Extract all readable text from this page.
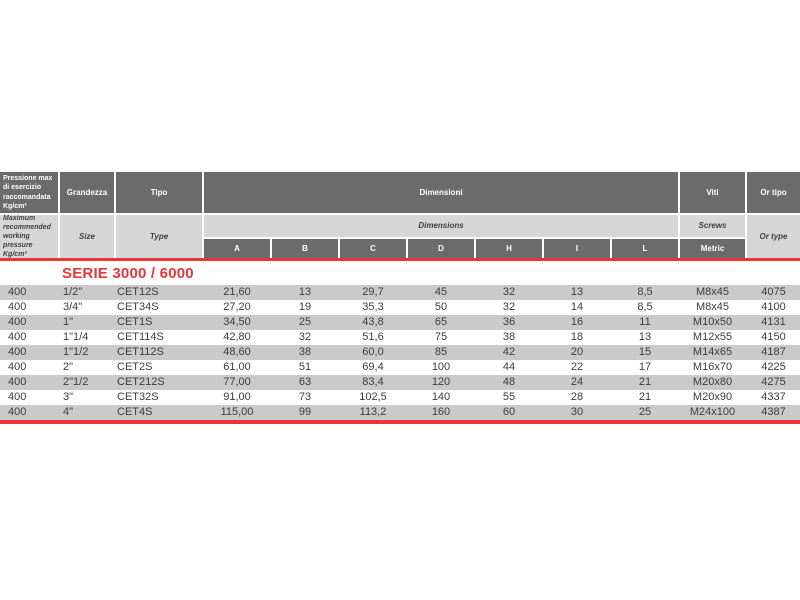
Pressione max di esercizio raccomandata Kg/cm²
Maximum recommended working pressure Kg/cm²
Grandezza
Size
Tipo
Type
Dimensioni
Dimensions
A	B	C	D	H	I	L
Viti
Screws
Metric
Or tipo
Or type
SERIE 3000 / 6000
400	1/2"	CET12S	21,60	13	29,7	45	32	13	8,5	M8x45	4075
400	3/4"	CET34S	27,20	19	35,3	50	32	14	8,5	M8x45	4100
400	1"	CET1S	34,50	25	43,8	65	36	16	11	M10x50	4131
400	1"1/4	CET114S	42,80	32	51,6	75	38	18	13	M12x55	4150
400	1"1/2	CET112S	48,60	38	60,0	85	42	20	15	M14x65	4187
400	2"	CET2S	61,00	51	69,4	100	44	22	17	M16x70	4225
400	2"1/2	CET212S	77,00	63	83,4	120	48	24	21	M20x80	4275
400	3"	CET32S	91,00	73	102,5	140	55	28	21	M20x90	4337
400	4"	CET4S	115,00	99	113,2	160	60	30	25	M24x100	4387
